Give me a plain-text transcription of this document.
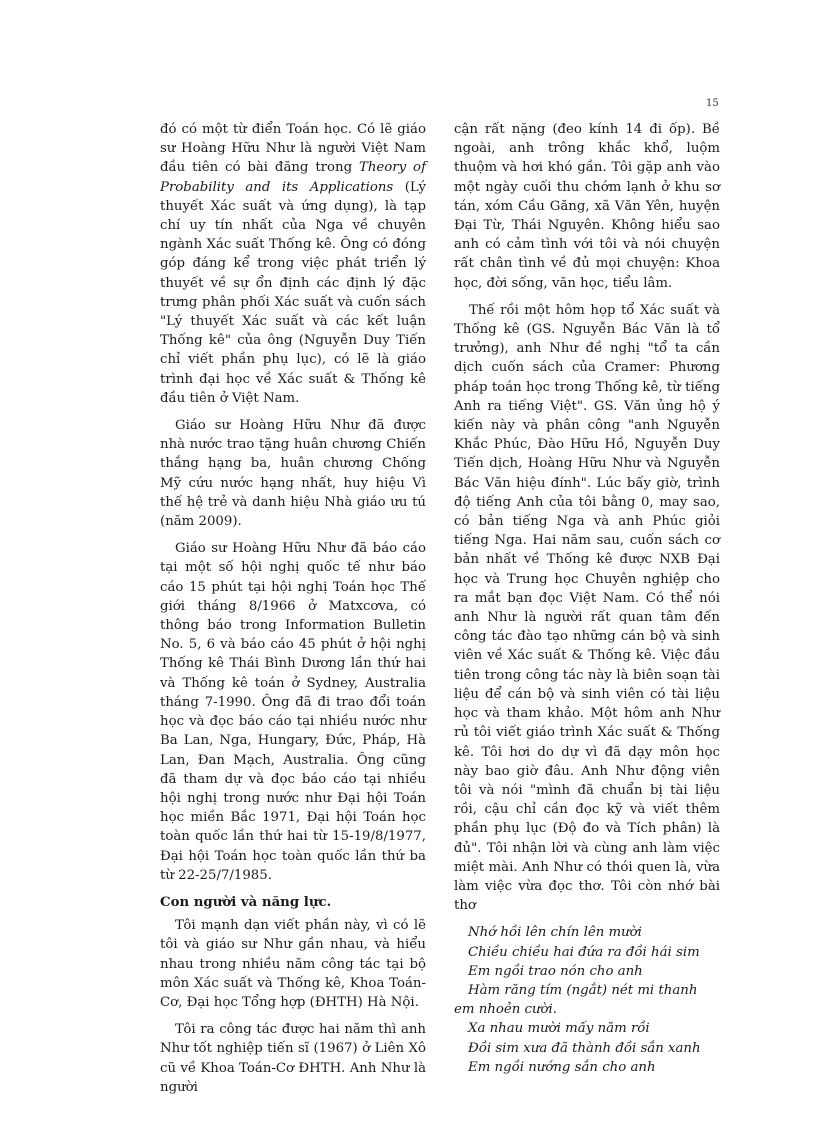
15

đó có một từ điển Toán học. Có lẽ giáo sư Hoàng Hữu Như là người Việt Nam đầu tiên có bài đăng trong Theory of Probability and its Applications (Lý thuyết Xác suất và ứng dụng), là tạp chí uy tín nhất của Nga về chuyên ngành Xác suất Thống kê. Ông có đóng góp đáng kể trong việc phát triển lý thuyết về sự ổn định các định lý đặc trưng phân phối Xác suất và cuốn sách "Lý thuyết Xác suất và các kết luận Thống kê" của ông (Nguyễn Duy Tiến chỉ viết phần phụ lục), có lẽ là giáo trình đại học về Xác suất & Thống kê đầu tiên ở Việt Nam.

Giáo sư Hoàng Hữu Như đã được nhà nước trao tặng huân chương Chiến thắng hạng ba, huân chương Chống Mỹ cứu nước hạng nhất, huy hiệu Vì thế hệ trẻ và danh hiệu Nhà giáo ưu tú (năm 2009).

Giáo sư Hoàng Hữu Như đã báo cáo tại một số hội nghị quốc tế như báo cáo 15 phút tại hội nghị Toán học Thế giới tháng 8/1966 ở Matxcơva, có thông báo trong Information Bulletin No. 5, 6 và báo cáo 45 phút ở hội nghị Thống kê Thái Bình Dương lần thứ hai và Thống kê toán ở Sydney, Australia tháng 7-1990. Ông đã đi trao đổi toán học và đọc báo cáo tại nhiều nước như Ba Lan, Nga, Hungary, Đức, Pháp, Hà Lan, Đan Mạch, Australia. Ông cũng đã tham dự và đọc báo cáo tại nhiều hội nghị trong nước như Đại hội Toán học miền Bắc 1971, Đại hội Toán học toàn quốc lần thứ hai từ 15-19/8/1977, Đại hội Toán học toàn quốc lần thứ ba từ 22-25/7/1985.

Con người và năng lực.

Tôi mạnh dạn viết phần này, vì có lẽ tôi và giáo sư Như gần nhau, và hiểu nhau trong nhiều năm công tác tại bộ môn Xác suất và Thống kê, Khoa Toán-Cơ, Đại học Tổng hợp (ĐHTH) Hà Nội.

Tôi ra công tác được hai năm thì anh Như tốt nghiệp tiến sĩ (1967) ở Liên Xô cũ về Khoa Toán-Cơ ĐHTH. Anh Như là người

cận rất nặng (đeo kính 14 đi ốp). Bề ngoài, anh trông khắc khổ, luộm thuộm và hơi khó gần. Tôi gặp anh vào một ngày cuối thu chớm lạnh ở khu sơ tán, xóm Cầu Găng, xã Văn Yên, huyện Đại Từ, Thái Nguyên. Không hiểu sao anh có cảm tình với tôi và nói chuyện rất chân tình về đủ mọi chuyện: Khoa học, đời sống, văn học, tiểu lâm.

Thế rồi một hôm họp tổ Xác suất và Thống kê (GS. Nguyễn Bác Văn là tổ trưởng), anh Như đề nghị "tổ ta cần dịch cuốn sách của Cramer: Phương pháp toán học trong Thống kê, từ tiếng Anh ra tiếng Việt". GS. Văn ủng hộ ý kiến này và phân công "anh Nguyễn Khắc Phúc, Đào Hữu Hồ, Nguyễn Duy Tiến dịch, Hoàng Hữu Như và Nguyễn Bác Văn hiệu đính". Lúc bấy giờ, trình độ tiếng Anh của tôi bằng 0, may sao, có bản tiếng Nga và anh Phúc giỏi tiếng Nga. Hai năm sau, cuốn sách cơ bản nhất về Thống kê được NXB Đại học và Trung học Chuyên nghiệp cho ra mắt bạn đọc Việt Nam. Có thể nói anh Như là người rất quan tâm đến công tác đào tạo những cán bộ và sinh viên về Xác suất & Thống kê. Việc đầu tiên trong công tác này là biên soạn tài liệu để cán bộ và sinh viên có tài liệu học và tham khảo. Một hôm anh Như rủ tôi viết giáo trình Xác suất & Thống kê. Tôi hơi do dự vì đã dạy môn học này bao giờ đâu. Anh Như động viên tôi và nói "mình đã chuẩn bị tài liệu rồi, cậu chỉ cần đọc kỹ và viết thêm phần phụ lục (Độ đo và Tích phân) là đủ". Tôi nhận lời và cùng anh làm việc miệt mài. Anh Như có thói quen là, vừa làm việc vừa đọc thơ. Tôi còn nhớ bài thơ

Nhớ hồi lên chín lên mười
Chiều chiều hai đứa ra đồi hái sim
Em ngồi trao nón cho anh
Hàm răng tím (ngắt) nét mi thanh em nhoẻn cười.
Xa nhau mười mấy năm rồi
Đồi sim xưa đã thành đồi sắn xanh
Em ngồi nướng sắn cho anh
